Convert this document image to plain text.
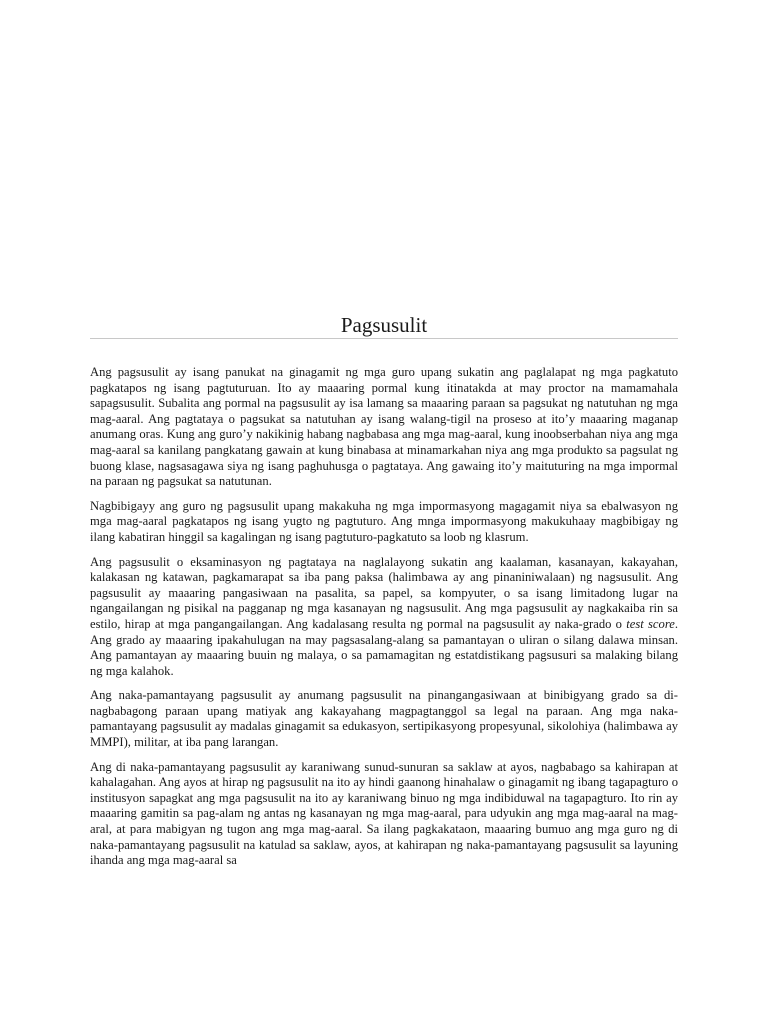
Pagsusulit

Ang pagsusulit ay isang panukat na ginagamit ng mga guro upang sukatin ang paglalapat ng mga pagkatuto pagkatapos ng isang pagtuturuan. Ito ay maaaring pormal kung itinatakda at may proctor na mamamahala sapagsusulit. Subalita ang pormal na pagsusulit ay isa lamang sa maaaring paraan sa pagsukat ng natutuhan ng mga mag-aaral. Ang pagtataya o pagsukat sa natutuhan ay isang walang-tigil na proseso at ito’y maaaring maganap anumang oras. Kung ang guro’y nakikinig habang nagbabasa ang mga mag-aaral, kung inoobserbahan niya ang mga mag-aaral sa kanilang pangkatang gawain at kung binabasa at minamarkahan niya ang mga produkto sa pagsulat ng buong klase, nagsasagawa siya ng isang paghuhusga o pagtataya. Ang gawaing ito’y maituturing na mga impormal na paraan ng pagsukat sa natutunan.

Nagbibigayy ang guro ng pagsusulit upang makakuha ng mga impormasyong magagamit niya sa ebalwasyon ng mga mag-aaral pagkatapos ng isang yugto ng pagtuturo. Ang mnga impormasyong makukuhaay magbibigay ng ilang kabatiran hinggil sa kagalingan ng isang pagtuturo-pagkatuto sa loob ng klasrum.

Ang pagsusulit o eksaminasyon ng pagtataya na naglalayong sukatin ang kaalaman, kasanayan, kakayahan, kalakasan ng katawan, pagkamarapat sa iba pang paksa (halimbawa ay ang pinaniniwalaan) ng nagsusulit. Ang pagsusulit ay maaaring pangasiwaan na pasalita, sa papel, sa kompyuter, o sa isang limitadong lugar na ngangailangan ng pisikal na pagganap ng mga kasanayan ng nagsusulit. Ang mga pagsusulit ay nagkakaiba rin sa estilo, hirap at mga pangangailangan. Ang kadalasang resulta ng pormal na pagsusulit ay naka-grado o test score. Ang grado ay maaaring ipakahulugan na may pagsasalang-alang sa pamantayan o uliran o silang dalawa minsan. Ang pamantayan ay maaaring buuin ng malaya, o sa pamamagitan ng estatdistikang pagsusuri sa malaking bilang ng mga kalahok.

Ang naka-pamantayang pagsusulit ay anumang pagsusulit na pinangangasiwaan at binibigyang grado sa di-nagbabagong paraan upang matiyak ang kakayahang magpagtanggol sa legal na paraan. Ang mga naka-pamantayang pagsusulit ay madalas ginagamit sa edukasyon, sertipikasyong propesyunal, sikolohiya (halimbawa ay MMPI), militar, at iba pang larangan.

Ang di naka-pamantayang pagsusulit ay karaniwang sunud-sunuran sa saklaw at ayos, nagbabago sa kahirapan at kahalagahan. Ang ayos at hirap ng pagsusulit na ito ay hindi gaanong hinahalaw o ginagamit ng ibang tagapagturo o institusyon sapagkat ang mga pagsusulit na ito ay karaniwang binuo ng mga indibiduwal na tagapagturo. Ito rin ay maaaring gamitin sa pag-alam ng antas ng kasanayan ng mga mag-aaral, para udyukin ang mga mag-aaral na mag-aral, at para mabigyan ng tugon ang mga mag-aaral. Sa ilang pagkakataon, maaaring bumuo ang mga guro ng di naka-pamantayang pagsusulit na katulad sa saklaw, ayos, at kahirapan ng naka-pamantayang pagsusulit sa layuning ihanda ang mga mag-aaral sa
